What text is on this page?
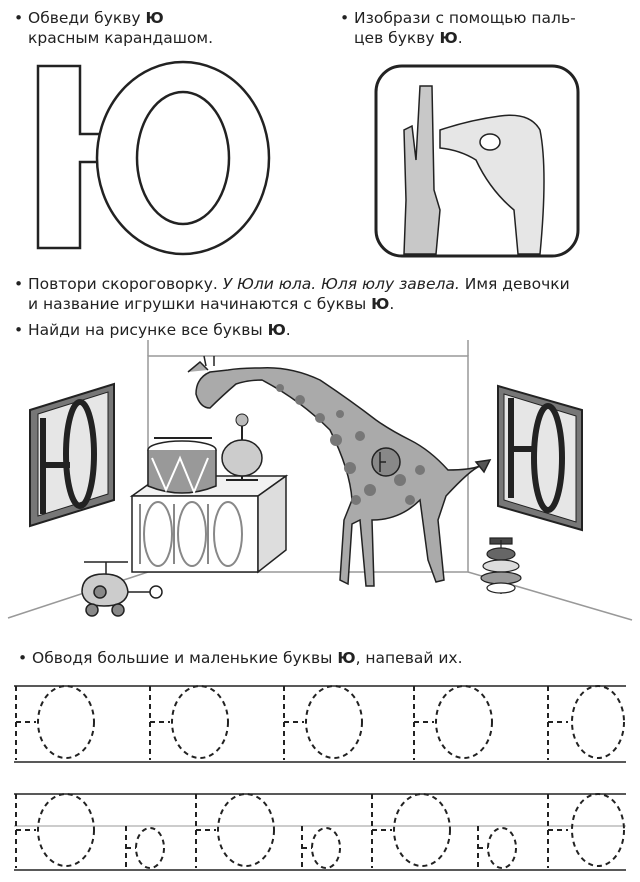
• Обведи букву Ю
красным карандашом.
• Изобрази с помощью паль-
цев букву Ю.
• Повтори скороговорку. У Юли юла. Юля юлу завела. Имя девочки
и название игрушки начинаются с буквы Ю.
• Найди на рисунке все буквы Ю.
• Обводя большие и маленькие буквы Ю, напевай их.
